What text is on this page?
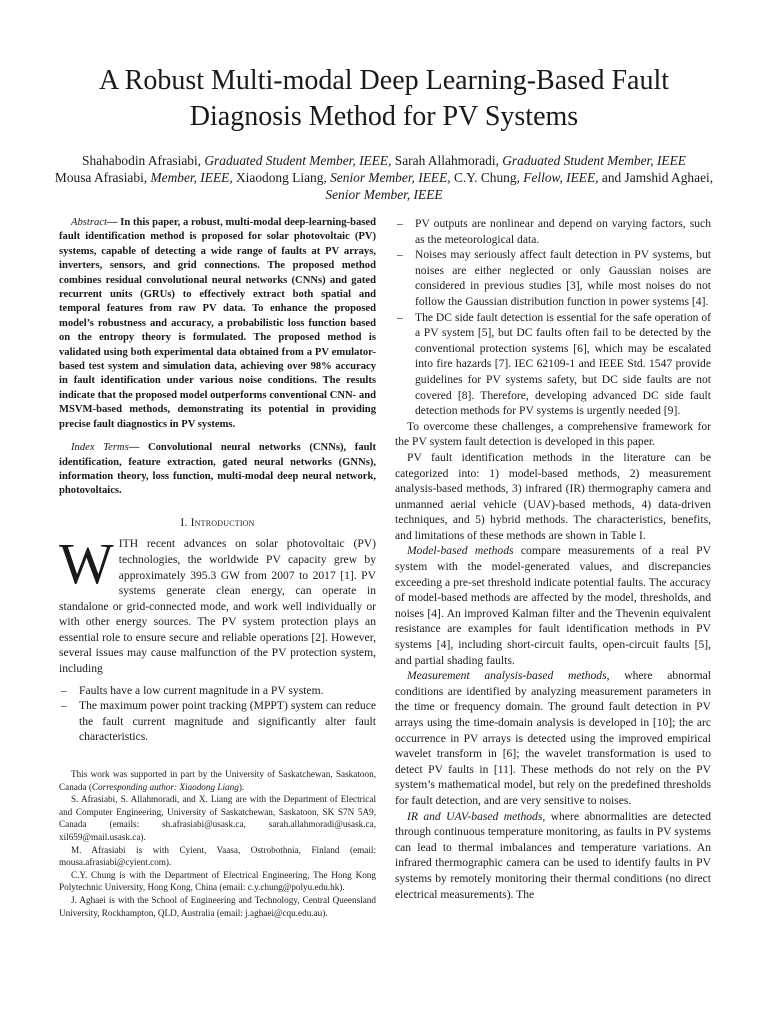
A Robust Multi-modal Deep Learning-Based Fault Diagnosis Method for PV Systems
Shahabodin Afrasiabi, Graduated Student Member, IEEE, Sarah Allahmoradi, Graduated Student Member, IEEE
Mousa Afrasiabi, Member, IEEE, Xiaodong Liang, Senior Member, IEEE, C.Y. Chung, Fellow, IEEE, and Jamshid Aghaei, Senior Member, IEEE

Abstract— In this paper, a robust, multi-modal deep-learning-based fault identification method is proposed for solar photovoltaic (PV) systems, capable of detecting a wide range of faults at PV arrays, inverters, sensors, and grid connections. The proposed method combines residual convolutional neural networks (CNNs) and gated recurrent units (GRUs) to effectively extract both spatial and temporal features from raw PV data. To enhance the proposed model’s robustness and accuracy, a probabilistic loss function based on the entropy theory is formulated. The proposed method is validated using both experimental data obtained from a PV emulator-based test system and simulation data, achieving over 98% accuracy in fault identification under various noise conditions. The results indicate that the proposed model outperforms conventional CNN- and MSVM-based methods, demonstrating its potential in providing precise fault diagnostics in PV systems.

Index Terms— Convolutional neural networks (CNNs), fault identification, feature extraction, gated neural networks (GNNs), information theory, loss function, multi-modal deep neural network, photovoltaics.

I. Introduction

WITH recent advances on solar photovoltaic (PV) technologies, the worldwide PV capacity grew by approximately 395.3 GW from 2007 to 2017 [1]. PV systems generate clean energy, can operate in standalone or grid-connected mode, and work well individually or with other energy sources. The PV system protection plays an essential role to ensure secure and reliable operations [2]. However, several issues may cause malfunction of the PV protection system, including

– Faults have a low current magnitude in a PV system.
– The maximum power point tracking (MPPT) system can reduce the fault current magnitude and significantly alter fault characteristics.

This work was supported in part by the University of Saskatchewan, Saskatoon, Canada (Corresponding author: Xiaodong Liang).

S. Afrasiabi, S. Allahmoradi, and X. Liang are with the Department of Electrical and Computer Engineering, University of Saskatchewan, Saskatoon, SK S7N 5A9, Canada (emails: sh.afrasiabi@usask.ca, sarah.allahmoradi@usask.ca, xil659@mail.usask.ca).

M. Afrasiabi is with Cyient, Vaasa, Ostrobothnia, Finland (email: mousa.afrasiabi@cyient.com).

C.Y. Chung is with the Department of Electrical Engineering, The Hong Kong Polytechnic University, Hong Kong, China (email: c.y.chung@polyu.edu.hk).

J. Aghaei is with the School of Engineering and Technology, Central Queensland University, Rockhampton, QLD, Australia (email: j.aghaei@cqu.edu.au).

– PV outputs are nonlinear and depend on varying factors, such as the meteorological data.
– Noises may seriously affect fault detection in PV systems, but noises are either neglected or only Gaussian noises are considered in previous studies [3], while most noises do not follow the Gaussian distribution function in power systems [4].
– The DC side fault detection is essential for the safe operation of a PV system [5], but DC faults often fail to be detected by the conventional protection systems [6], which may be escalated into fire hazards [7]. IEC 62109-1 and IEEE Std. 1547 provide guidelines for PV systems safety, but DC side faults are not covered [8]. Therefore, developing advanced DC side fault detection methods for PV systems is urgently needed [9].

To overcome these challenges, a comprehensive framework for the PV system fault detection is developed in this paper.

PV fault identification methods in the literature can be categorized into: 1) model-based methods, 2) measurement analysis-based methods, 3) infrared (IR) thermography camera and unmanned aerial vehicle (UAV)-based methods, 4) data-driven techniques, and 5) hybrid methods. The characteristics, benefits, and limitations of these methods are shown in Table I.

Model-based methods compare measurements of a real PV system with the model-generated values, and discrepancies exceeding a pre-set threshold indicate potential faults. The accuracy of model-based methods are affected by the model, thresholds, and noises [4]. An improved Kalman filter and the Thevenin equivalent resistance are examples for fault identification methods in PV systems [4], including short-circuit faults, open-circuit faults [5], and partial shading faults.

Measurement analysis-based methods, where abnormal conditions are identified by analyzing measurement parameters in the time or frequency domain. The ground fault detection in PV arrays using the time-domain analysis is developed in [10]; the arc occurrence in PV arrays is detected using the improved empirical wavelet transform in [6]; the wavelet transformation is used to detect PV faults in [11]. These methods do not rely on the PV system’s mathematical model, but rely on the predefined thresholds for fault detection, and are very sensitive to noises.

IR and UAV-based methods, where abnormalities are detected through continuous temperature monitoring, as faults in PV systems can lead to thermal imbalances and temperature variations. An infrared thermographic camera can be used to identify faults in PV systems by remotely monitoring their thermal conditions (no direct electrical measurements). The
